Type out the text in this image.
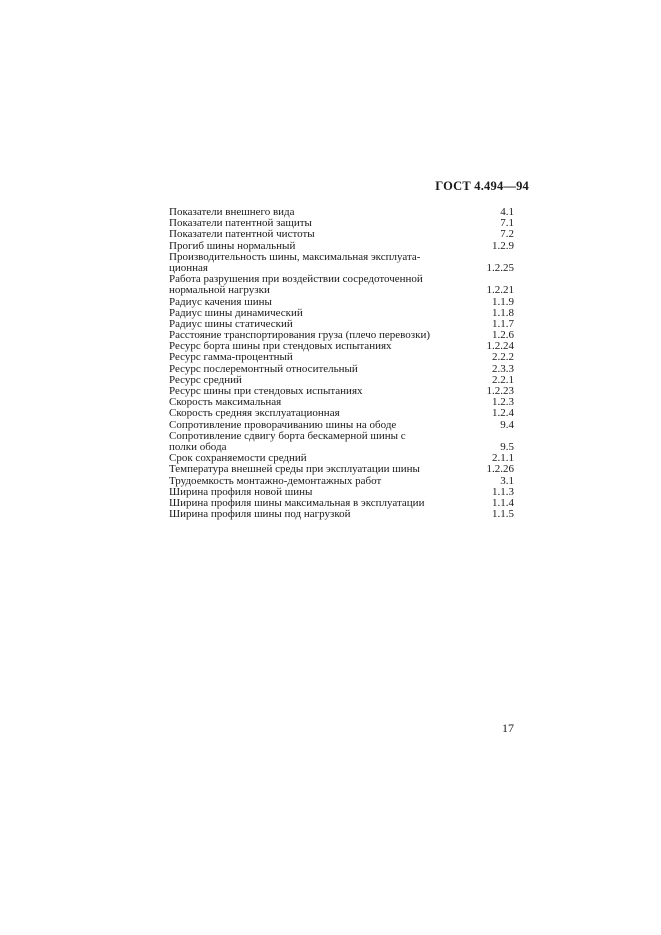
ГОСТ 4.494—94
Показатели внешнего вида	4.1
Показатели патентной защиты	7.1
Показатели патентной чистоты	7.2
Прогиб шины нормальный	1.2.9
Производительность шины, максимальная эксплуата-
ционная	1.2.25
Работа разрушения при воздействии сосредоточенной
нормальной нагрузки	1.2.21
Радиус качения шины	1.1.9
Радиус шины динамический	1.1.8
Радиус шины статический	1.1.7
Расстояние транспортирования груза (плечо перевозки)	1.2.6
Ресурс борта шины при стендовых испытаниях	1.2.24
Ресурс гамма-процентный	2.2.2
Ресурс послеремонтный относительный	2.3.3
Ресурс средний	2.2.1
Ресурс шины при стендовых испытаниях	1.2.23
Скорость максимальная	1.2.3
Скорость средняя эксплуатационная	1.2.4
Сопротивление проворачиванию шины на ободе	9.4
Сопротивление сдвигу борта бескамерной шины с
полки обода	9.5
Срок сохраняемости средний	2.1.1
Температура внешней среды при эксплуатации шины	1.2.26
Трудоемкость монтажно-демонтажных работ	3.1
Ширина профиля новой шины	1.1.3
Ширина профиля шины максимальная в эксплуатации	1.1.4
Ширина профиля шины под нагрузкой	1.1.5
17
